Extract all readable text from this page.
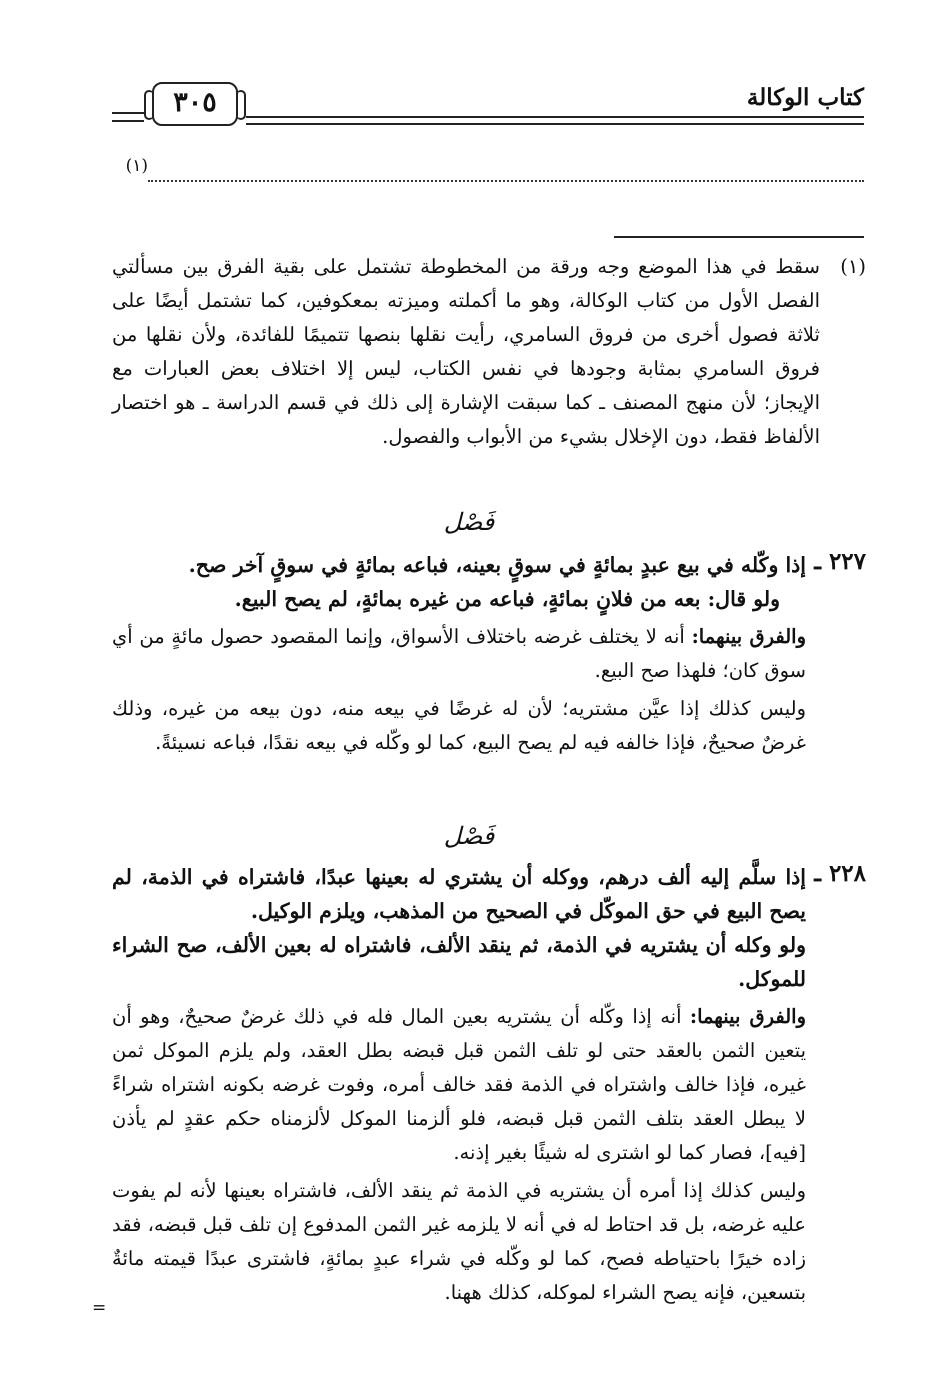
كتاب الوكالة
٣٠٥
(١)
(١)
سقط في هذا الموضع وجه ورقة من المخطوطة تشتمل على بقية الفرق بين مسألتي الفصل الأول من كتاب الوكالة، وهو ما أكملته وميزته بمعكوفين، كما تشتمل أيضًا على ثلاثة فصول أخرى من فروق السامري، رأيت نقلها بنصها تتميمًا للفائدة، ولأن نقلها من فروق السامري بمثابة وجودها في نفس الكتاب، ليس إلا اختلاف بعض العبارات مع الإيجاز؛ لأن منهج المصنف ـ كما سبقت الإشارة إلى ذلك في قسم الدراسة ـ هو اختصار الألفاظ فقط، دون الإخلال بشيء من الأبواب والفصول.
فَصْل
٢٢٧ ـ
إذا وكّله في بيع عبدٍ بمائةٍ في سوقٍ بعينه، فباعه بمائةٍ في سوقٍ آخر صح.
ولو قال: بعه من فلانٍ بمائةٍ، فباعه من غيره بمائةٍ، لم يصح البيع.
والفرق بينهما: أنه لا يختلف غرضه باختلاف الأسواق، وإنما المقصود حصول مائةٍ من أي سوق كان؛ فلهذا صح البيع.
وليس كذلك إذا عيَّن مشتريه؛ لأن له غرضًا في بيعه منه، دون بيعه من غيره، وذلك غرضٌ صحيحٌ، فإذا خالفه فيه لم يصح البيع، كما لو وكّله في بيعه نقدًا، فباعه نسيئةً.
فَصْل
٢٢٨ ـ
إذا سلَّم إليه ألف درهم، ووكله أن يشتري له بعينها عبدًا، فاشتراه في الذمة، لم يصح البيع في حق الموكّل في الصحيح من المذهب، ويلزم الوكيل.
ولو وكله أن يشتريه في الذمة، ثم ينقد الألف، فاشتراه له بعين الألف، صح الشراء للموكل.
والفرق بينهما: أنه إذا وكّله أن يشتريه بعين المال فله في ذلك غرضٌ صحيحٌ، وهو أن يتعين الثمن بالعقد حتى لو تلف الثمن قبل قبضه بطل العقد، ولم يلزم الموكل ثمن غيره، فإذا خالف واشتراه في الذمة فقد خالف أمره، وفوت غرضه بكونه اشتراه شراءً لا يبطل العقد بتلف الثمن قبل قبضه، فلو ألزمنا الموكل لألزمناه حكم عقدٍ لم يأذن [فيه]، فصار كما لو اشترى له شيئًا بغير إذنه.
وليس كذلك إذا أمره أن يشتريه في الذمة ثم ينقد الألف، فاشتراه بعينها لأنه لم يفوت عليه غرضه، بل قد احتاط له في أنه لا يلزمه غير الثمن المدفوع إن تلف قبل قبضه، فقد زاده خيرًا باحتياطه فصح، كما لو وكّله في شراء عبدٍ بمائةٍ، فاشترى عبدًا قيمته مائةٌ بتسعين، فإنه يصح الشراء لموكله، كذلك ههنا.
=
